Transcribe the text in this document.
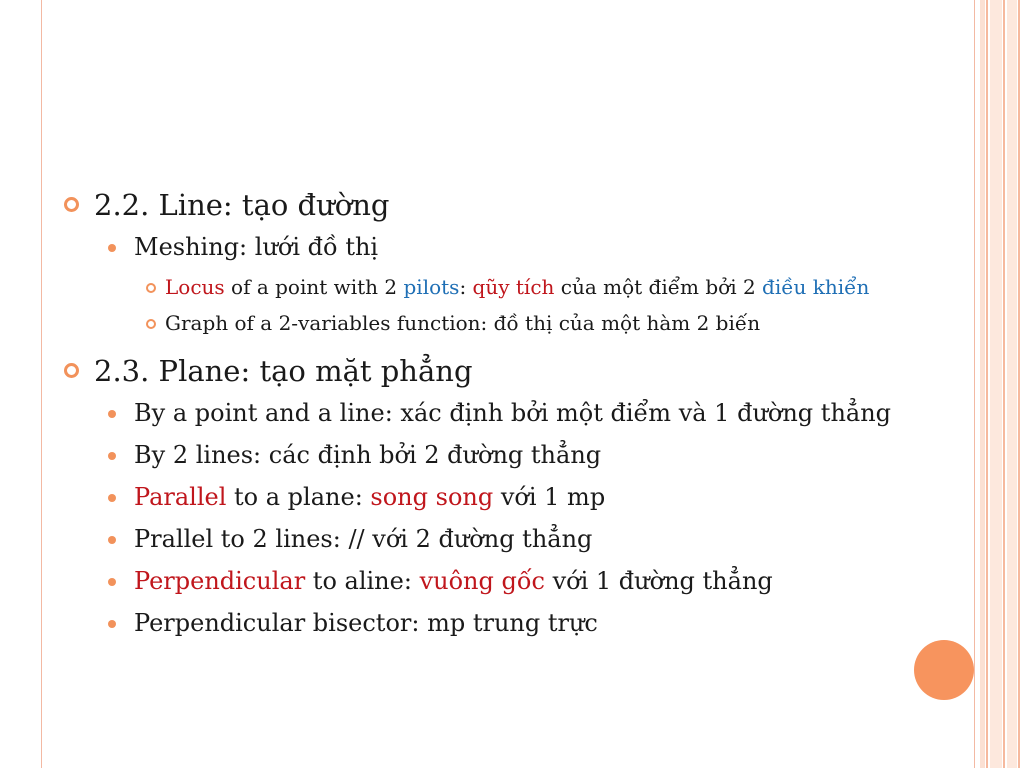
2.2. Line: tạo đường
Meshing: lưới đồ thị
Locus of a point with 2 pilots: qũy tích của một điểm bởi 2 điều khiển
Graph of a 2-variables function: đồ thị của một hàm 2 biến
2.3. Plane: tạo mặt phẳng
By a point and a line: xác định bởi một điểm và 1 đường thẳng
By 2 lines: các định bởi 2 đường thẳng
Parallel to a plane: song song với 1 mp
Prallel to 2 lines: // với 2 đường thẳng
Perpendicular to aline: vuông gốc với 1 đường thẳng
Perpendicular bisector: mp trung trực
